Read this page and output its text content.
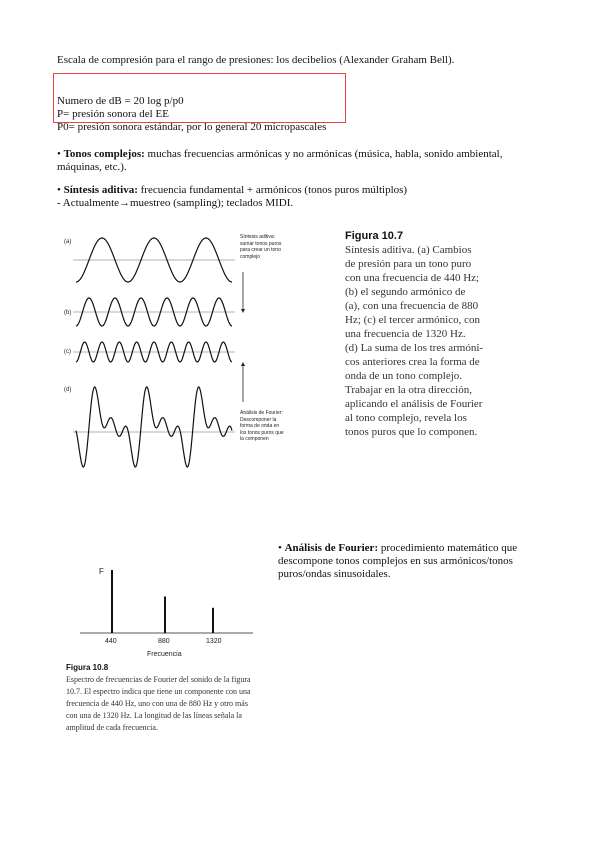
Escala de compresión para el rango de presiones: los decibelios (Alexander Graham Bell).
Numero de dB = 20 log p/p0
P= presión sonora del EE
P0= presión sonora estándar, por lo general 20 micropascales
• Tonos complejos: muchas frecuencias armónicas y no armónicas (música, habla, sonido ambiental,
máquinas, etc.).
• Síntesis aditiva: frecuencia fundamental + armónicos (tonos puros múltiplos)
- Actualmente→muestreo (sampling); teclados MIDI.
(a)
(b)
(c)
(d)
F
Frecuencia
440	880	1320
Síntesis aditiva:
sumar tonos puros
para crear un tono
complejo
Análisis de Fourier:
Descomponer la
forma de onda en
los tonos puros que
la componen
Figura 10.7
Síntesis aditiva. (a) Cambios
de presión para un tono puro
con una frecuencia de 440 Hz;
(b) el segundo armónico de
(a), con una frecuencia de 880
Hz; (c) el tercer armónico, con
una frecuencia de 1320 Hz.
(d) La suma de los tres armóni-
cos anteriores crea la forma de
onda de un tono complejo.
Trabajar en la otra dirección,
aplicando el análisis de Fourier
al tono complejo, revela los
tonos puros que lo componen.
Figura 10.8
Espectro de frecuencias de Fourier del sonido de la figura
10.7. El espectro indica que tiene un componente con una
frecuencia de 440 Hz, uno con una de 880 Hz y otro más
con una de 1320 Hz. La longitud de las líneas señala la
amplitud de cada frecuencia.
• Análisis de Fourier: procedimiento matemático que
descompone tonos complejos en sus armónicos/tonos
puros/ondas sinusoidales.
